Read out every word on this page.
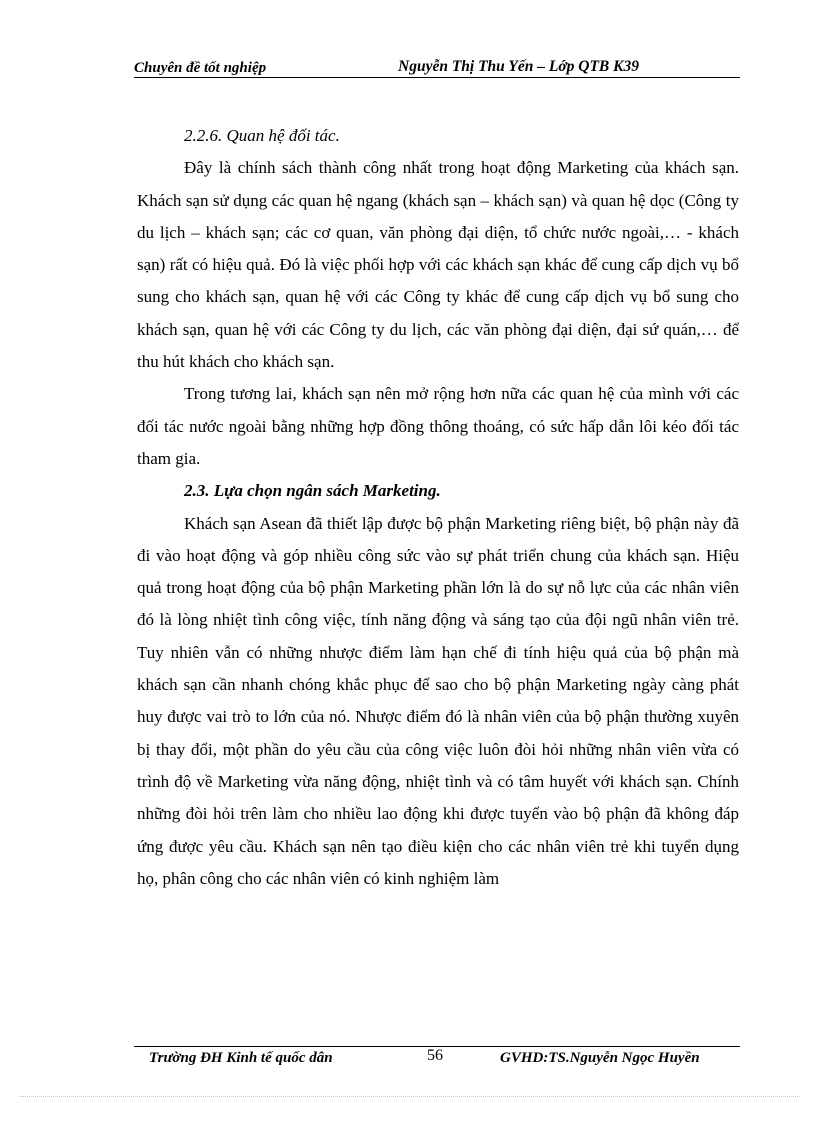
Chuyên đề tốt nghiệp	Nguyễn Thị Thu Yến – Lớp QTB K39

2.2.6. Quan hệ đối tác.

Đây là chính sách thành công nhất trong hoạt động Marketing của khách sạn. Khách sạn sử dụng các quan hệ ngang (khách sạn – khách sạn) và quan hệ dọc (Công ty du lịch – khách sạn; các cơ quan, văn phòng đại diện, tổ chức nước ngoài,… - khách sạn) rất có hiệu quả. Đó là việc phối hợp với các khách sạn khác để cung cấp dịch vụ bổ sung cho khách sạn, quan hệ với các Công ty khác để cung cấp dịch vụ bổ sung cho khách sạn, quan hệ với các Công ty du lịch, các văn phòng đại diện, đại sứ quán,… để thu hút khách cho khách sạn.

Trong tương lai, khách sạn nên mở rộng hơn nữa các quan hệ của mình với các đối tác nước ngoài bằng những hợp đồng thông thoáng, có sức hấp dẫn lôi kéo đối tác tham gia.

2.3. Lựa chọn ngân sách Marketing.

Khách sạn Asean đã thiết lập được bộ phận Marketing riêng biệt, bộ phận này đã đi vào hoạt động và góp nhiều công sức vào sự phát triển chung của khách sạn. Hiệu quả trong hoạt động của bộ phận Marketing phần lớn là do sự nỗ lực của các nhân viên đó là lòng nhiệt tình công việc, tính năng động và sáng tạo của đội ngũ nhân viên trẻ. Tuy nhiên vẫn có những nhược điểm làm hạn chế đi tính hiệu quả của bộ phận mà khách sạn cần nhanh chóng khắc phục để sao cho bộ phận Marketing ngày càng phát huy được vai trò to lớn của nó. Nhược điểm đó là nhân viên của bộ phận thường xuyên bị thay đổi, một phần do yêu cầu của công việc luôn đòi hỏi những nhân viên vừa có trình độ về Marketing vừa năng động, nhiệt tình và có tâm huyết với khách sạn. Chính những đòi hỏi trên làm cho nhiều lao động khi được tuyển vào bộ phận đã không đáp ứng được yêu cầu. Khách sạn nên tạo điều kiện cho các nhân viên trẻ khi tuyển dụng họ, phân công cho các nhân viên có kinh nghiệm làm

Trường ĐH Kinh tế quốc dân	56	GVHD:TS.Nguyễn Ngọc Huyền
